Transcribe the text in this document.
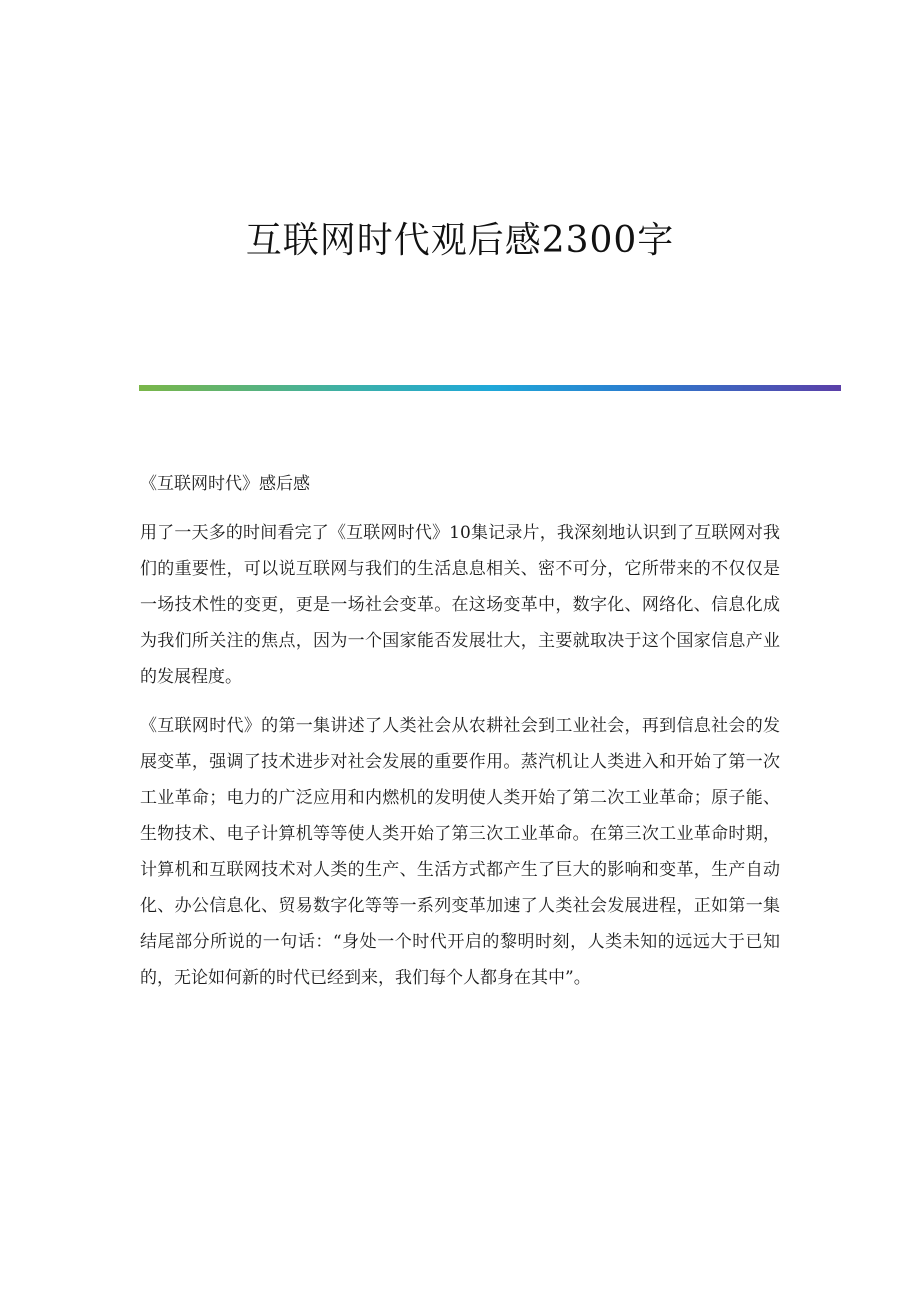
互联网时代观后感2300字

《互联网时代》感后感

用了一天多的时间看完了《互联网时代》10集记录片，我深刻地认识到了互联网对我们的重要性，可以说互联网与我们的生活息息相关、密不可分，它所带来的不仅仅是一场技术性的变更，更是一场社会变革。在这场变革中，数字化、网络化、信息化成为我们所关注的焦点，因为一个国家能否发展壮大，主要就取决于这个国家信息产业的发展程度。

《互联网时代》的第一集讲述了人类社会从农耕社会到工业社会，再到信息社会的发展变革，强调了技术进步对社会发展的重要作用。蒸汽机让人类进入和开始了第一次工业革命；电力的广泛应用和内燃机的发明使人类开始了第二次工业革命；原子能、生物技术、电子计算机等等使人类开始了第三次工业革命。在第三次工业革命时期，计算机和互联网技术对人类的生产、生活方式都产生了巨大的影响和变革，生产自动化、办公信息化、贸易数字化等等一系列变革加速了人类社会发展进程，正如第一集结尾部分所说的一句话：“身处一个时代开启的黎明时刻，人类未知的远远大于已知的，无论如何新的时代已经到来，我们每个人都身在其中”。
